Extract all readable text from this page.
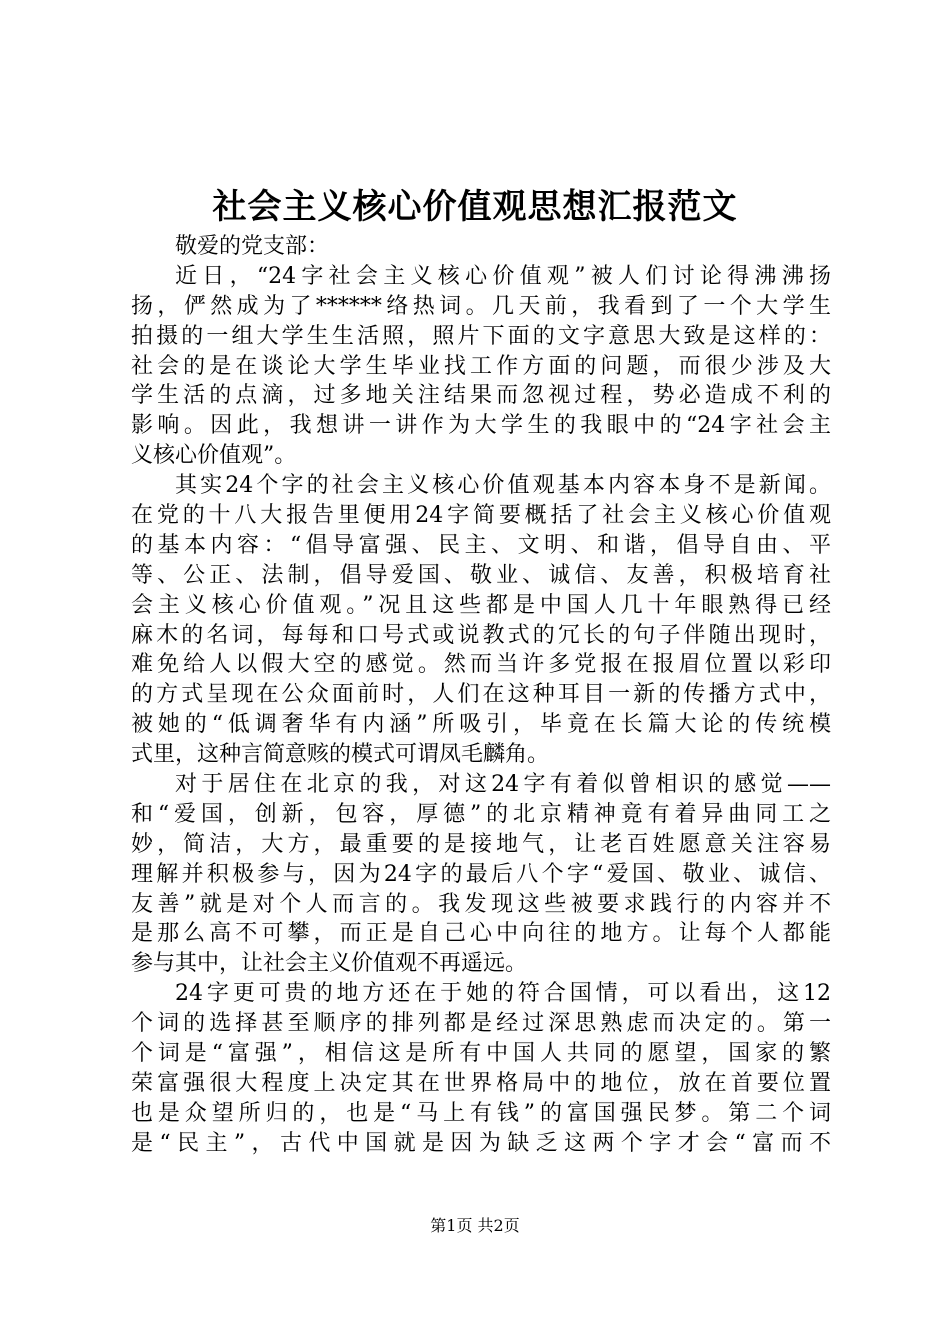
社会主义核心价值观思想汇报范文
敬爱的党支部：
近日，“24字社会主义核心价值观”被人们讨论得沸沸扬
扬，俨然成为了******络热词。几天前，我看到了一个大学生
拍摄的一组大学生生活照，照片下面的文字意思大致是这样的：
社会的是在谈论大学生毕业找工作方面的问题，而很少涉及大
学生活的点滴，过多地关注结果而忽视过程，势必造成不利的
影响。因此，我想讲一讲作为大学生的我眼中的“24字社会主
义核心价值观”。
其实24个字的社会主义核心价值观基本内容本身不是新闻。
在党的十八大报告里便用24字简要概括了社会主义核心价值观
的基本内容：“倡导富强、民主、文明、和谐，倡导自由、平
等、公正、法制，倡导爱国、敬业、诚信、友善，积极培育社
会主义核心价值观。”况且这些都是中国人几十年眼熟得已经
麻木的名词，每每和口号式或说教式的冗长的句子伴随出现时，
难免给人以假大空的感觉。然而当许多党报在报眉位置以彩印
的方式呈现在公众面前时，人们在这种耳目一新的传播方式中，
被她的“低调奢华有内涵”所吸引，毕竟在长篇大论的传统模
式里，这种言简意赅的模式可谓凤毛麟角。
对于居住在北京的我，对这24字有着似曾相识的感觉——
和“爱国，创新，包容，厚德”的北京精神竟有着异曲同工之
妙，简洁，大方，最重要的是接地气，让老百姓愿意关注容易
理解并积极参与，因为24字的最后八个字“爱国、敬业、诚信、
友善”就是对个人而言的。我发现这些被要求践行的内容并不
是那么高不可攀，而正是自己心中向往的地方。让每个人都能
参与其中，让社会主义价值观不再遥远。
24字更可贵的地方还在于她的符合国情，可以看出，这12
个词的选择甚至顺序的排列都是经过深思熟虑而决定的。第一
个词是“富强”，相信这是所有中国人共同的愿望，国家的繁
荣富强很大程度上决定其在世界格局中的地位，放在首要位置
也是众望所归的，也是“马上有钱”的富国强民梦。第二个词
是“民主”，古代中国就是因为缺乏这两个字才会“富而不
第1页 共2页
